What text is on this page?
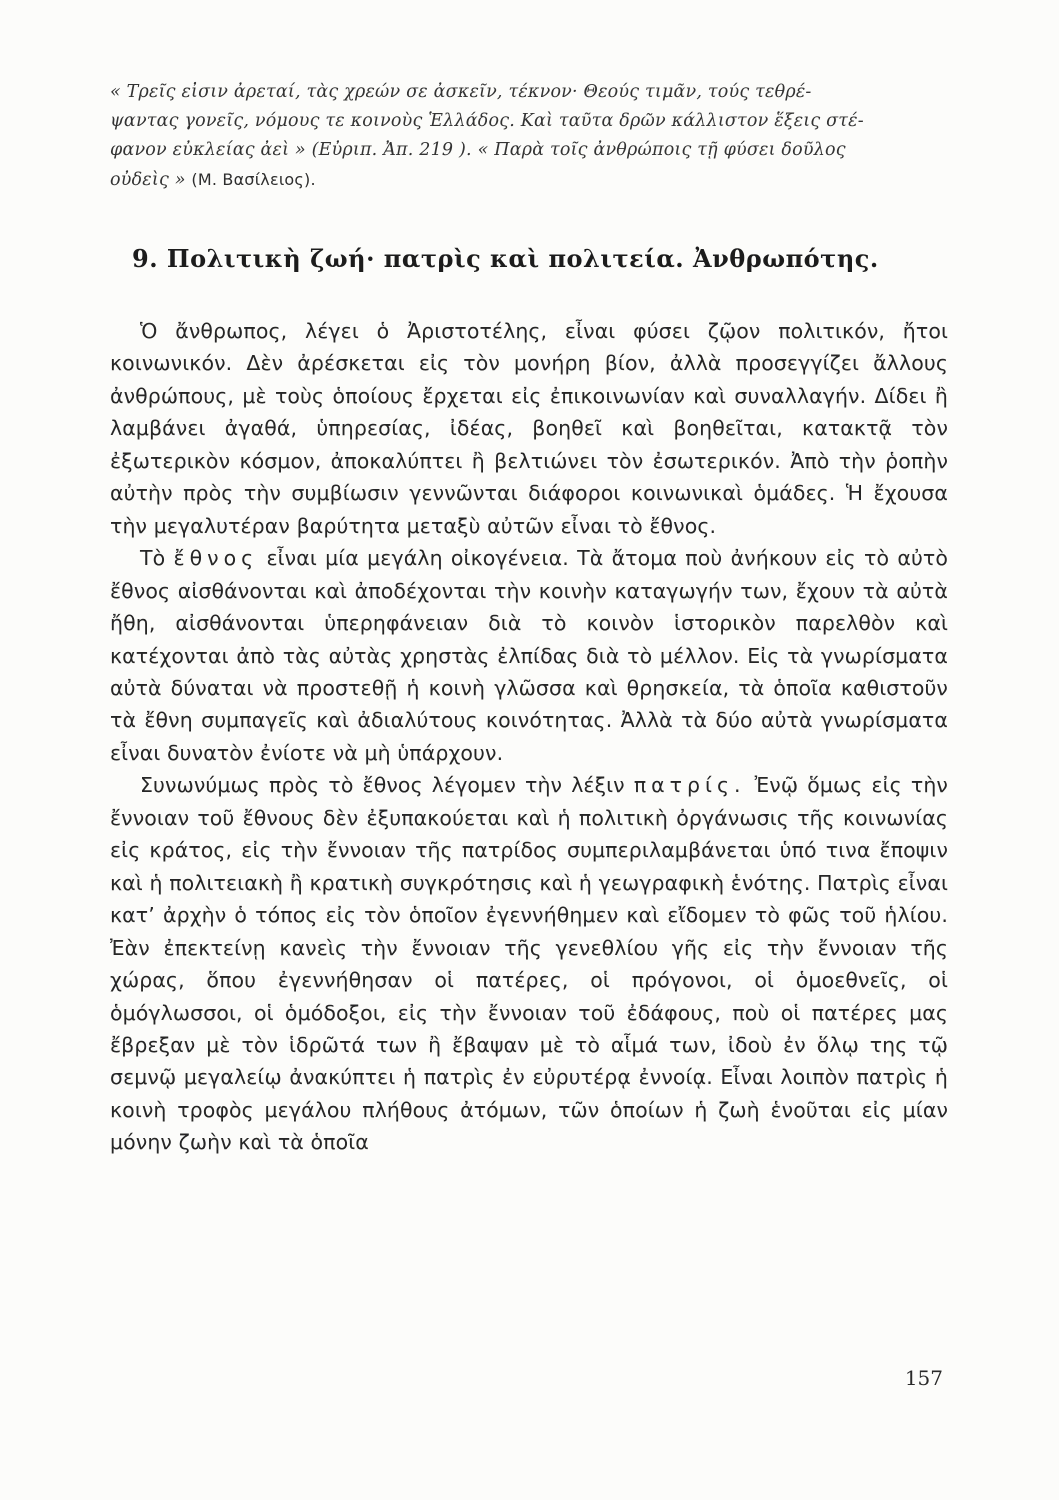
« Τρεῖς εἰσιν ἀρεταί, τὰς χρεών σε ἀσκεῖν, τέκνον· Θεούς τιμᾶν, τούς τεθρέ-
ψαντας γονεῖς, νόμους τε κοινοὺς Ἑλλάδος. Καὶ ταῦτα δρῶν κάλλιστον ἕξεις στέ-
φανον εὐκλείας ἀεὶ » (Εὐριπ. Ἀπ. 219 ). « Παρὰ τοῖς ἀνθρώποις τῇ φύσει δοῦλος
οὐδεὶς » (Μ. Βασίλειος).
9. Πολιτικὴ ζωή· πατρὶς καὶ πολιτεία. Ἀνθρωπότης.

Ὁ ἄνθρωπος, λέγει ὁ Ἀριστοτέλης, εἶναι φύσει ζῷον πολιτικόν, ἤτοι κοινωνικόν. Δὲν ἀρέσκεται εἰς τὸν μονήρη βίον, ἀλλὰ προσεγγίζει ἄλλους ἀνθρώπους, μὲ τοὺς ὁποίους ἔρχεται εἰς ἐπικοινωνίαν καὶ συναλλαγήν. Δίδει ἢ λαμβάνει ἀγαθά, ὑπηρεσίας, ἰδέας, βοηθεῖ καὶ βοηθεῖται, κατακτᾷ τὸν ἐξωτερικὸν κόσμον, ἀποκαλύπτει ἢ βελτιώνει τὸν ἐσωτερικόν. Ἀπὸ τὴν ῥοπὴν αὐτὴν πρὸς τὴν συμβίωσιν γεννῶνται διάφοροι κοινωνικαὶ ὁμάδες. Ἡ ἔχουσα τὴν μεγαλυτέραν βαρύτητα μεταξὺ αὐτῶν εἶναι τὸ ἔθνος.

Τὸ ἔθνος εἶναι μία μεγάλη οἰκογένεια. Τὰ ἄτομα ποὺ ἀνήκουν εἰς τὸ αὐτὸ ἔθνος αἰσθάνονται καὶ ἀποδέχονται τὴν κοινὴν καταγωγήν των, ἔχουν τὰ αὐτὰ ἤθη, αἰσθάνονται ὑπερηφάνειαν διὰ τὸ κοινὸν ἱστορικὸν παρελθὸν καὶ κατέχονται ἀπὸ τὰς αὐτὰς χρηστὰς ἐλπίδας διὰ τὸ μέλλον. Εἰς τὰ γνωρίσματα αὐτὰ δύναται νὰ προστεθῇ ἡ κοινὴ γλῶσσα καὶ θρησκεία, τὰ ὁποῖα καθιστοῦν τὰ ἔθνη συμπαγεῖς καὶ ἀδιαλύτους κοινότητας. Ἀλλὰ τὰ δύο αὐτὰ γνωρίσματα εἶναι δυνατὸν ἐνίοτε νὰ μὴ ὑπάρχουν.

Συνωνύμως πρὸς τὸ ἔθνος λέγομεν τὴν λέξιν πατρίς. Ἐνῷ ὅμως εἰς τὴν ἔννοιαν τοῦ ἔθνους δὲν ἐξυπακούεται καὶ ἡ πολιτικὴ ὀργάνωσις τῆς κοινωνίας εἰς κράτος, εἰς τὴν ἔννοιαν τῆς πατρίδος συμπεριλαμβάνεται ὑπό τινα ἔποψιν καὶ ἡ πολιτειακὴ ἢ κρατικὴ συγκρότησις καὶ ἡ γεωγραφικὴ ἑνότης. Πατρὶς εἶναι κατ’ ἀρχὴν ὁ τόπος εἰς τὸν ὁποῖον ἐγεννήθημεν καὶ εἴδομεν τὸ φῶς τοῦ ἡλίου. Ἐὰν ἐπεκτείνῃ κανεὶς τὴν ἔννοιαν τῆς γενεθλίου γῆς εἰς τὴν ἔννοιαν τῆς χώρας, ὅπου ἐγεννήθησαν οἱ πατέρες, οἱ πρόγονοι, οἱ ὁμοεθνεῖς, οἱ ὁμόγλωσσοι, οἱ ὁμόδοξοι, εἰς τὴν ἔννοιαν τοῦ ἐδάφους, ποὺ οἱ πατέρες μας ἔβρεξαν μὲ τὸν ἱδρῶτά των ἢ ἔβαψαν μὲ τὸ αἷμά των, ἰδοὺ ἐν ὅλῳ της τῷ σεμνῷ μεγαλείῳ ἀνακύπτει ἡ πατρὶς ἐν εὐρυτέρᾳ ἐννοίᾳ. Εἶναι λοιπὸν πατρὶς ἡ κοινὴ τροφὸς μεγάλου πλήθους ἀτόμων, τῶν ὁποίων ἡ ζωὴ ἑνοῦται εἰς μίαν μόνην ζωὴν καὶ τὰ ὁποῖα

157
